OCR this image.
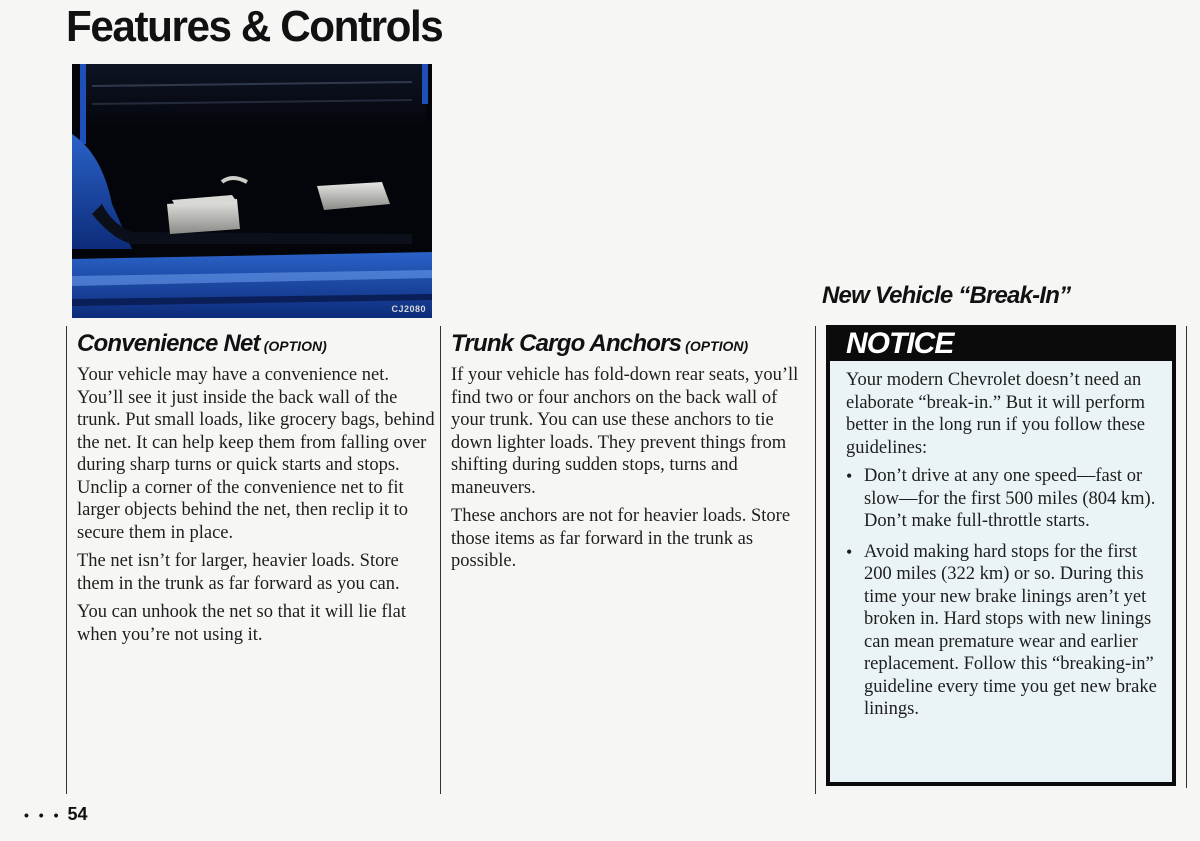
Features & Controls
CJ2080
Convenience Net (OPTION)

Your vehicle may have a convenience net. You’ll see it just inside the back wall of the trunk. Put small loads, like grocery bags, behind the net. It can help keep them from falling over during sharp turns or quick starts and stops. Unclip a corner of the convenience net to fit larger objects behind the net, then reclip it to secure them in place.

The net isn’t for larger, heavier loads. Store them in the trunk as far forward as you can.

You can unhook the net so that it will lie flat when you’re not using it.

Trunk Cargo Anchors (OPTION)

If your vehicle has fold-down rear seats, you’ll find two or four anchors on the back wall of your trunk. You can use these anchors to tie down lighter loads. They prevent things from shifting during sudden stops, turns and maneuvers.

These anchors are not for heavier loads. Store those items as far forward in the trunk as possible.

New Vehicle “Break-In”
NOTICE

Your modern Chevrolet doesn’t need an elaborate “break-in.” But it will perform better in the long run if you follow these guidelines:

• Don’t drive at any one speed—fast or slow—for the first 500 miles (804 km). Don’t make full-throttle starts.
• Avoid making hard stops for the first 200 miles (322 km) or so. During this time your new brake linings aren’t yet broken in. Hard stops with new linings can mean premature wear and earlier replacement. Follow this “breaking-in” guideline every time you get new brake linings.
• • • 54
